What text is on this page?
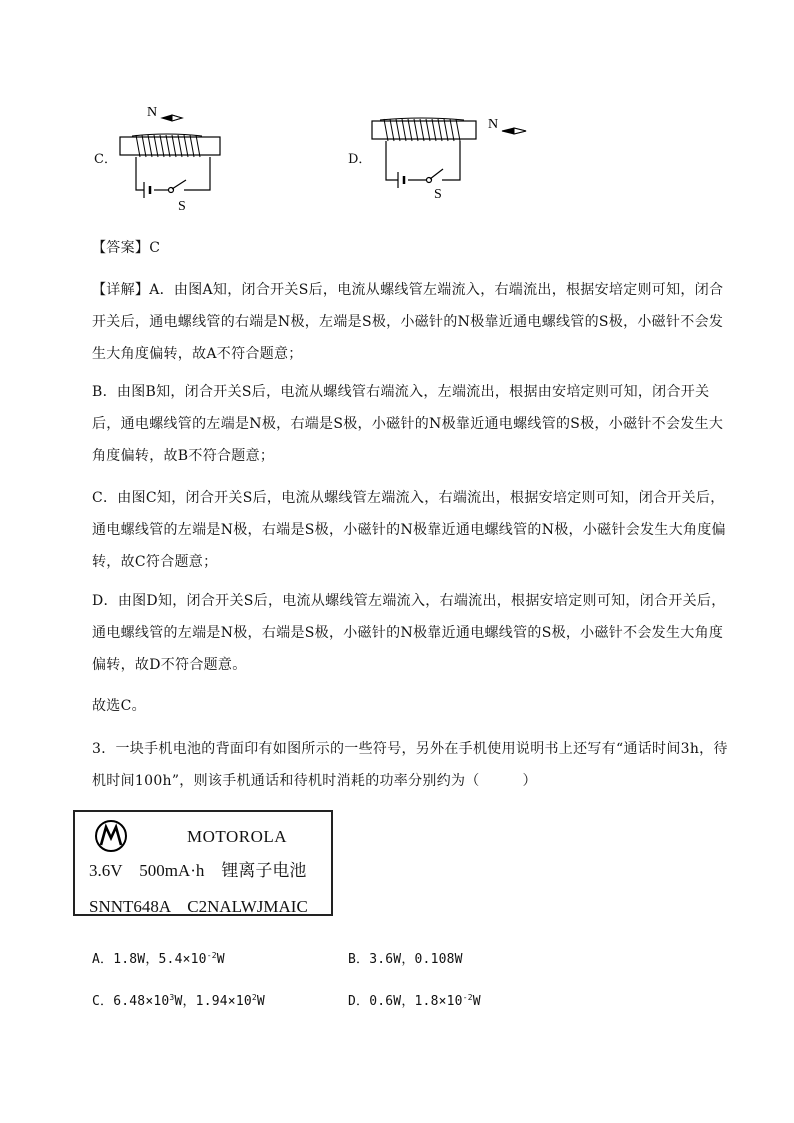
C．
N
S
D．
N
S

【答案】C

【详解】A．由图A知，闭合开关S后，电流从螺线管左端流入，右端流出，根据安培定则可知，闭合开关后，通电螺线管的右端是N极，左端是S极，小磁针的N极靠近通电螺线管的S极，小磁针不会发生大角度偏转，故A不符合题意；

B．由图B知，闭合开关S后，电流从螺线管右端流入，左端流出，根据由安培定则可知，闭合开关后，通电螺线管的左端是N极，右端是S极，小磁针的N极靠近通电螺线管的S极，小磁针不会发生大角度偏转，故B不符合题意；

C．由图C知，闭合开关S后，电流从螺线管左端流入，右端流出，根据安培定则可知，闭合开关后，通电螺线管的左端是N极，右端是S极，小磁针的N极靠近通电螺线管的N极，小磁针会发生大角度偏转，故C符合题意；

D．由图D知，闭合开关S后，电流从螺线管左端流入，右端流出，根据安培定则可知，闭合开关后，通电螺线管的左端是N极，右端是S极，小磁针的N极靠近通电螺线管的S极，小磁针不会发生大角度偏转，故D不符合题意。

故选C。

3．一块手机电池的背面印有如图所示的一些符号，另外在手机使用说明书上还写有“通话时间3h，待机时间100h”，则该手机通话和待机时消耗的功率分别约为（　　　）

MOTOROLA
3.6V　500mA·h　锂离子电池
SNNT648A　C2NALWJMAIC
A．1.8W，$5.4\times 10^{-2}W$	B．3.6W，0.108W
C．$6.48\times 10^3W$，$1.94\times 10^2W$	D．0.6W，$1.8\times 10^{-2}W$
